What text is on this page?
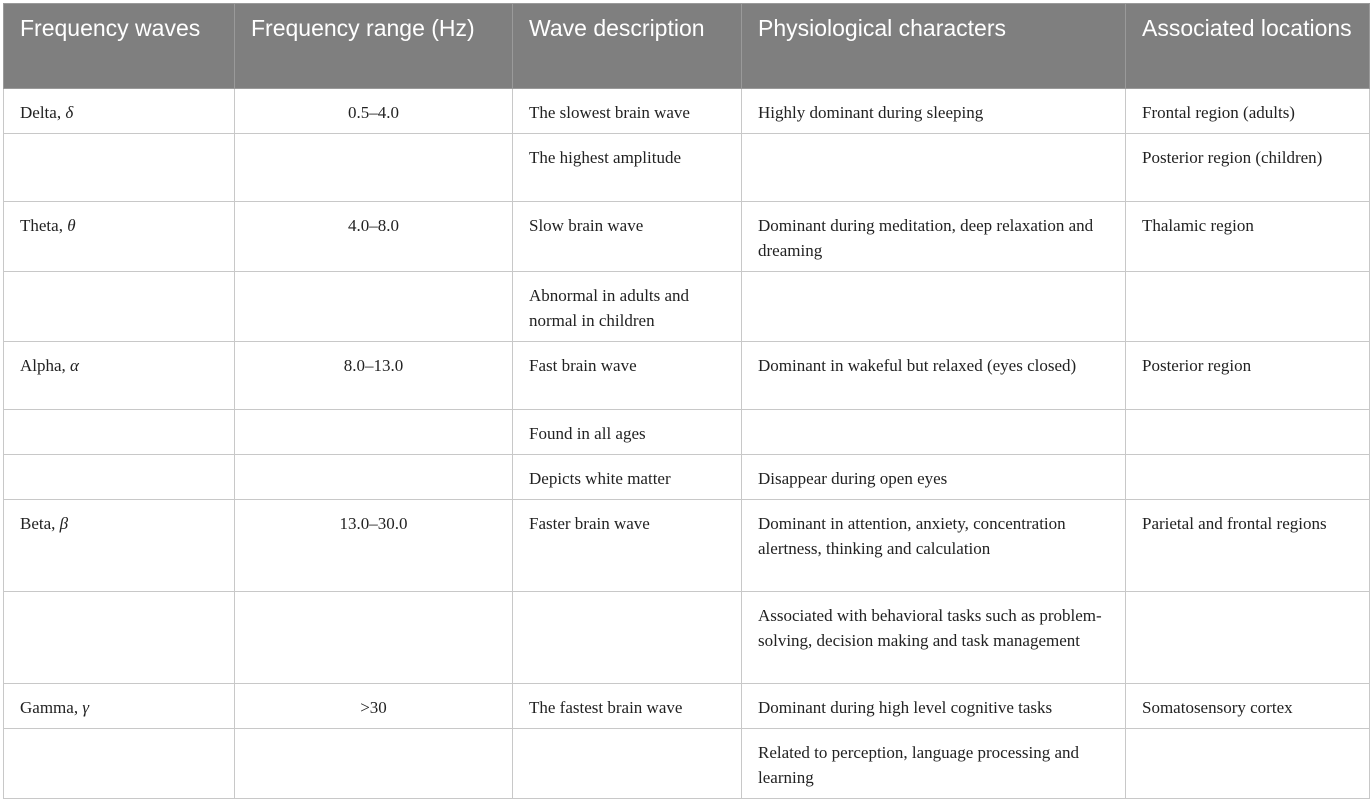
Frequency waves	Frequency range (Hz)	Wave description	Physiological characters	Associated locations
Delta, δ	0.5–4.0	The slowest brain wave	Highly dominant during sleeping	Frontal region (adults)
		The highest amplitude		Posterior region (children)
Theta, θ	4.0–8.0	Slow brain wave	Dominant during meditation, deep relaxation and dreaming	Thalamic region
		Abnormal in adults and normal in children		
Alpha, α	8.0–13.0	Fast brain wave	Dominant in wakeful but relaxed (eyes closed)	Posterior region
		Found in all ages		
		Depicts white matter	Disappear during open eyes	
Beta, β	13.0–30.0	Faster brain wave	Dominant in attention, anxiety, concentration alertness, thinking and calculation	Parietal and frontal regions
			Associated with behavioral tasks such as problem-solving, decision making and task management	
Gamma, γ	>30	The fastest brain wave	Dominant during high level cognitive tasks	Somatosensory cortex
			Related to perception, language processing and learning	
